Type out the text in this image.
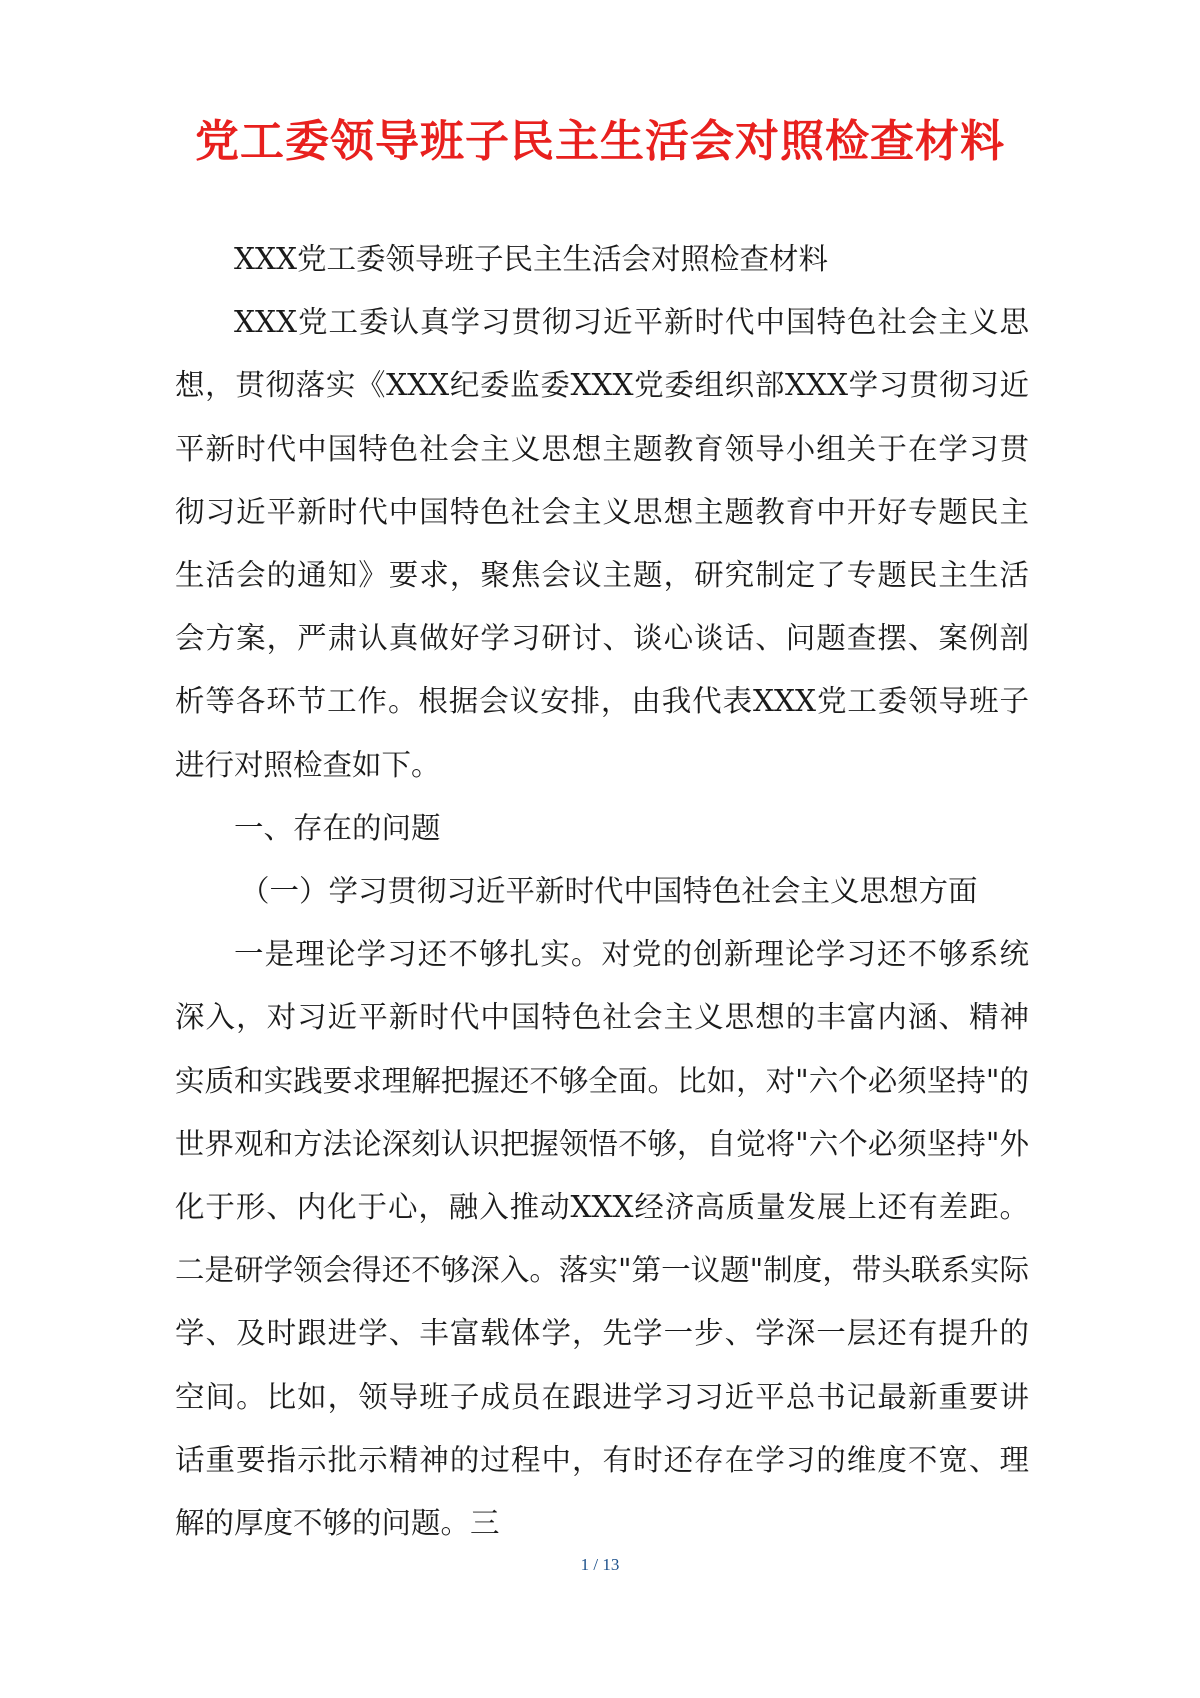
党工委领导班子民主生活会对照检查材料

XXX党工委领导班子民主生活会对照检查材料

XXX党工委认真学习贯彻习近平新时代中国特色社会主义思想，贯彻落实《XXX纪委监委XXX党委组织部XXX学习贯彻习近平新时代中国特色社会主义思想主题教育领导小组关于在学习贯彻习近平新时代中国特色社会主义思想主题教育中开好专题民主生活会的通知》要求，聚焦会议主题，研究制定了专题民主生活会方案，严肃认真做好学习研讨、谈心谈话、问题查摆、案例剖析等各环节工作。根据会议安排，由我代表XXX党工委领导班子进行对照检查如下。

一、存在的问题

（一）学习贯彻习近平新时代中国特色社会主义思想方面

一是理论学习还不够扎实。对党的创新理论学习还不够系统深入，对习近平新时代中国特色社会主义思想的丰富内涵、精神实质和实践要求理解把握还不够全面。比如，对"六个必须坚持"的世界观和方法论深刻认识把握领悟不够，自觉将"六个必须坚持"外化于形、内化于心，融入推动XXX经济高质量发展上还有差距。二是研学领会得还不够深入。落实"第一议题"制度，带头联系实际学、及时跟进学、丰富载体学，先学一步、学深一层还有提升的空间。比如，领导班子成员在跟进学习习近平总书记最新重要讲话重要指示批示精神的过程中，有时还存在学习的维度不宽、理解的厚度不够的问题。三

1 / 13
